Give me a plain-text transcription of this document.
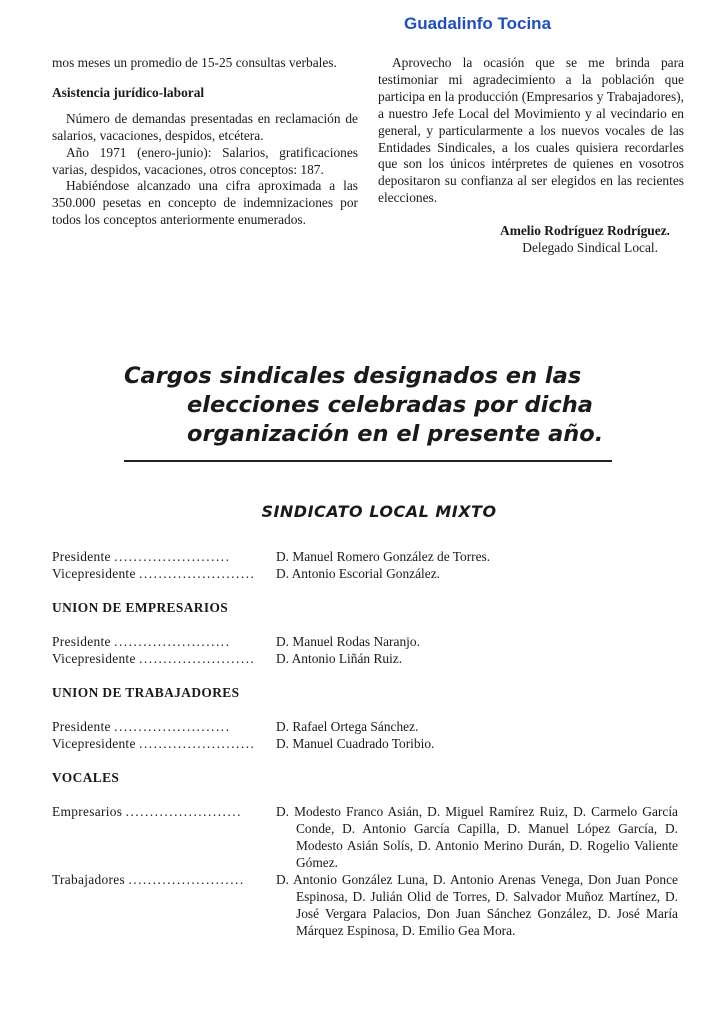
Guadalinfo Tocina

mos meses un promedio de 15-25 consultas verbales.

Asistencia jurídico-laboral

Número de demandas presentadas en reclamación de salarios, vacaciones, despidos, etcétera.

Año 1971 (enero-junio): Salarios, gratificaciones varias, despidos, vacaciones, otros conceptos: 187.

Habiéndose alcanzado una cifra aproximada a las 350.000 pesetas en concepto de indemnizaciones por todos los conceptos anteriormente enumerados.

Aprovecho la ocasión que se me brinda para testimoniar mi agradecimiento a la población que participa en la producción (Empresarios y Trabajadores), a nuestro Jefe Local del Movimiento y al vecindario en general, y particularmente a los nuevos vocales de las Entidades Sindicales, a los cuales quisiera recordarles que son los únicos intérpretes de quienes en vosotros depositaron su confianza al ser elegidos en las recientes elecciones.

Amelio Rodríguez Rodríguez.
Delegado Sindical Local.
Cargos sindicales designados en las
elecciones celebradas por dicha
organización en el presente año.
SINDICATO LOCAL MIXTO
Presidente ........................	D. Manuel Romero González de Torres.
Vicepresidente ........................	D. Antonio Escorial González.
UNION DE EMPRESARIOS
Presidente ........................	D. Manuel Rodas Naranjo.
Vicepresidente ........................	D. Antonio Liñán Ruiz.
UNION DE TRABAJADORES
Presidente ........................	D. Rafael Ortega Sánchez.
Vicepresidente ........................	D. Manuel Cuadrado Toribio.
VOCALES
Empresarios ........................	D. Modesto Franco Asián, D. Miguel Ramírez Ruiz, D. Carmelo García Conde, D. Antonio García Capilla, D. Manuel López García, D. Modesto Asián Solís, D. Antonio Merino Durán, D. Rogelio Valiente Gómez.
Trabajadores ........................	D. Antonio González Luna, D. Antonio Arenas Venega, Don Juan Ponce Espinosa, D. Julián Olid de Torres, D. Salvador Muñoz Martínez, D. José Vergara Palacios, Don Juan Sánchez González, D. José María Márquez Espinosa, D. Emilio Gea Mora.
